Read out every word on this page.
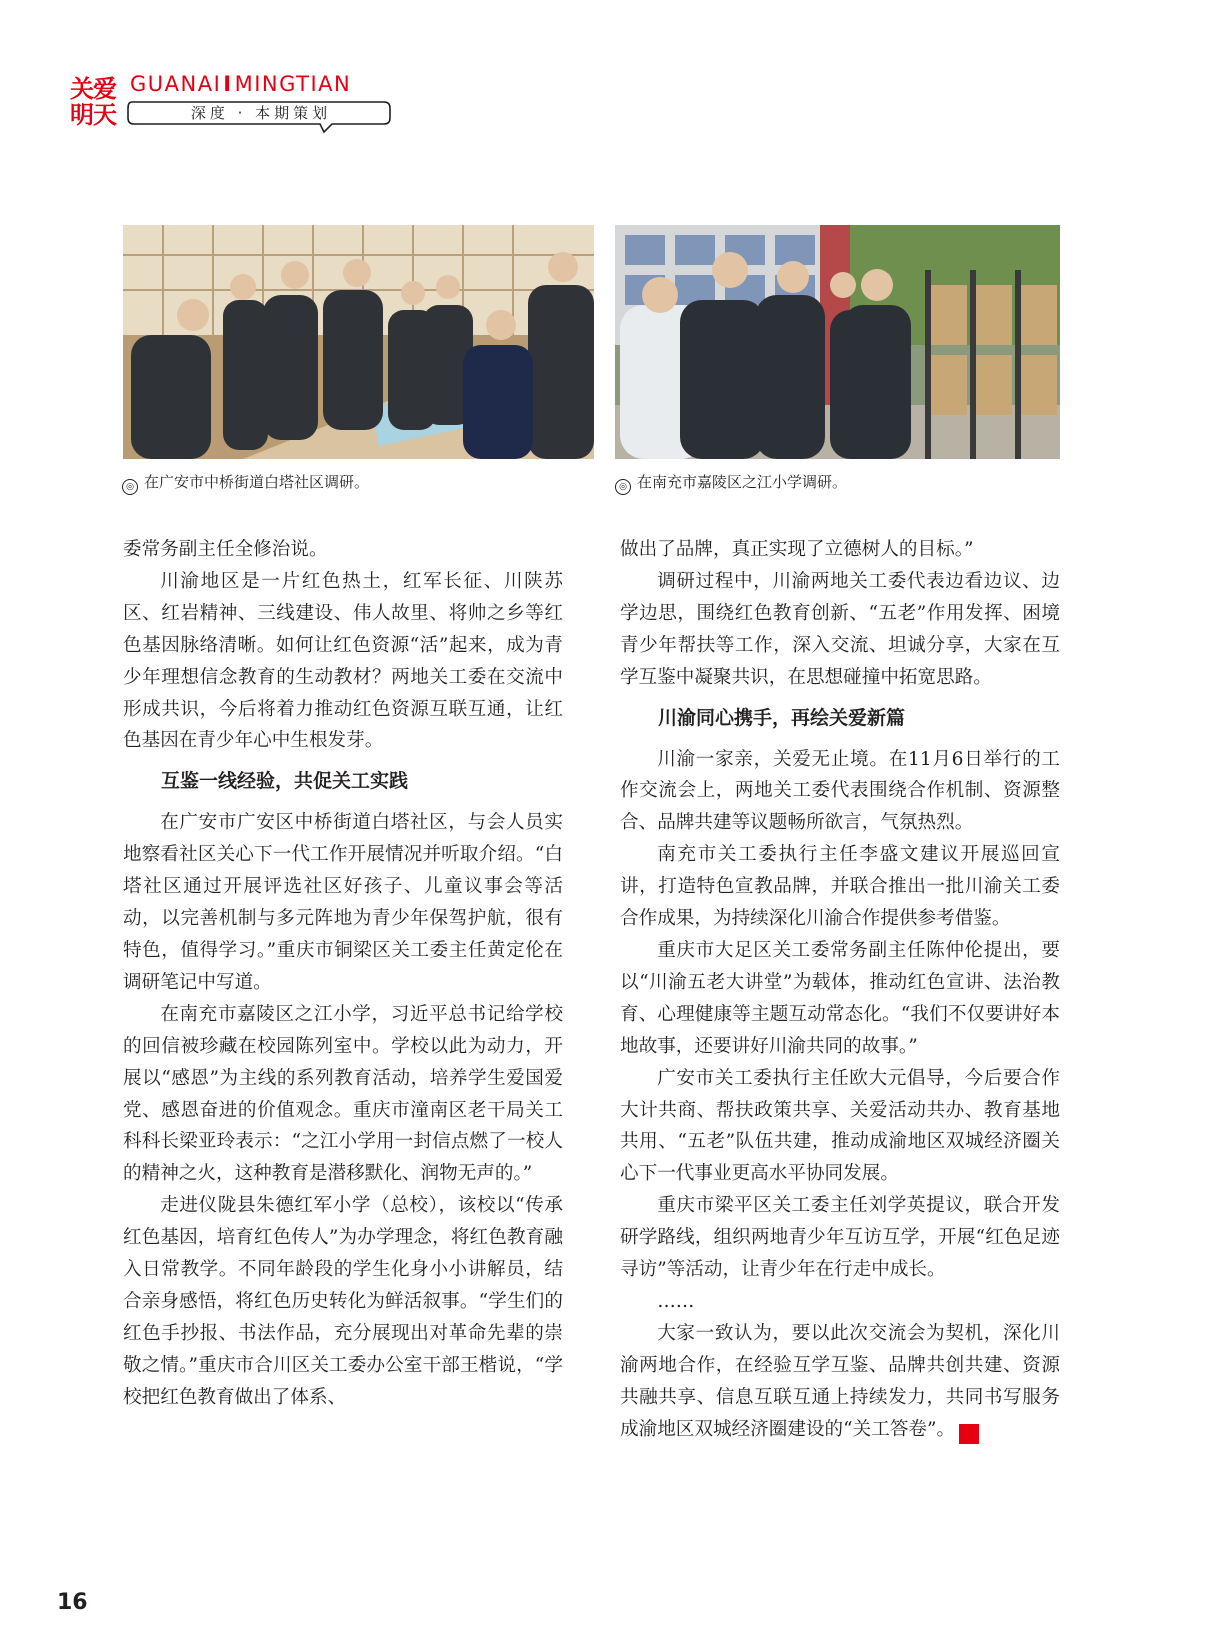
关爱明天
GUANAIIMINGTIAN
深度 · 本期策划
◎ 在广安市中桥街道白塔社区调研。	◎ 在南充市嘉陵区之江小学调研。

委常务副主任全修治说。

川渝地区是一片红色热土，红军长征、川陕苏区、红岩精神、三线建设、伟人故里、将帅之乡等红色基因脉络清晰。如何让红色资源“活”起来，成为青少年理想信念教育的生动教材？两地关工委在交流中形成共识，今后将着力推动红色资源互联互通，让红色基因在青少年心中生根发芽。

互鉴一线经验，共促关工实践

在广安市广安区中桥街道白塔社区，与会人员实地察看社区关心下一代工作开展情况并听取介绍。“白塔社区通过开展评选社区好孩子、儿童议事会等活动，以完善机制与多元阵地为青少年保驾护航，很有特色，值得学习。”重庆市铜梁区关工委主任黄定伦在调研笔记中写道。

在南充市嘉陵区之江小学，习近平总书记给学校的回信被珍藏在校园陈列室中。学校以此为动力，开展以“感恩”为主线的系列教育活动，培养学生爱国爱党、感恩奋进的价值观念。重庆市潼南区老干局关工科科长梁亚玲表示：“之江小学用一封信点燃了一校人的精神之火，这种教育是潜移默化、润物无声的。”

走进仪陇县朱德红军小学（总校），该校以“传承红色基因，培育红色传人”为办学理念，将红色教育融入日常教学。不同年龄段的学生化身小小讲解员，结合亲身感悟，将红色历史转化为鲜活叙事。“学生们的红色手抄报、书法作品，充分展现出对革命先辈的崇敬之情。”重庆市合川区关工委办公室干部王楷说，“学校把红色教育做出了体系、

做出了品牌，真正实现了立德树人的目标。”

调研过程中，川渝两地关工委代表边看边议、边学边思，围绕红色教育创新、“五老”作用发挥、困境青少年帮扶等工作，深入交流、坦诚分享，大家在互学互鉴中凝聚共识，在思想碰撞中拓宽思路。

川渝同心携手，再绘关爱新篇

川渝一家亲，关爱无止境。在11月6日举行的工作交流会上，两地关工委代表围绕合作机制、资源整合、品牌共建等议题畅所欲言，气氛热烈。

南充市关工委执行主任李盛文建议开展巡回宣讲，打造特色宣教品牌，并联合推出一批川渝关工委合作成果，为持续深化川渝合作提供参考借鉴。

重庆市大足区关工委常务副主任陈仲伦提出，要以“川渝五老大讲堂”为载体，推动红色宣讲、法治教育、心理健康等主题互动常态化。“我们不仅要讲好本地故事，还要讲好川渝共同的故事。”

广安市关工委执行主任欧大元倡导，今后要合作大计共商、帮扶政策共享、关爱活动共办、教育基地共用、“五老”队伍共建，推动成渝地区双城经济圈关心下一代事业更高水平协同发展。

重庆市梁平区关工委主任刘学英提议，联合开发研学路线，组织两地青少年互访互学，开展“红色足迹寻访”等活动，让青少年在行走中成长。

……

大家一致认为，要以此次交流会为契机，深化川渝两地合作，在经验互学互鉴、品牌共创共建、资源共融共享、信息互联互通上持续发力，共同书写服务成渝地区双城经济圈建设的“关工答卷”。	关

16
